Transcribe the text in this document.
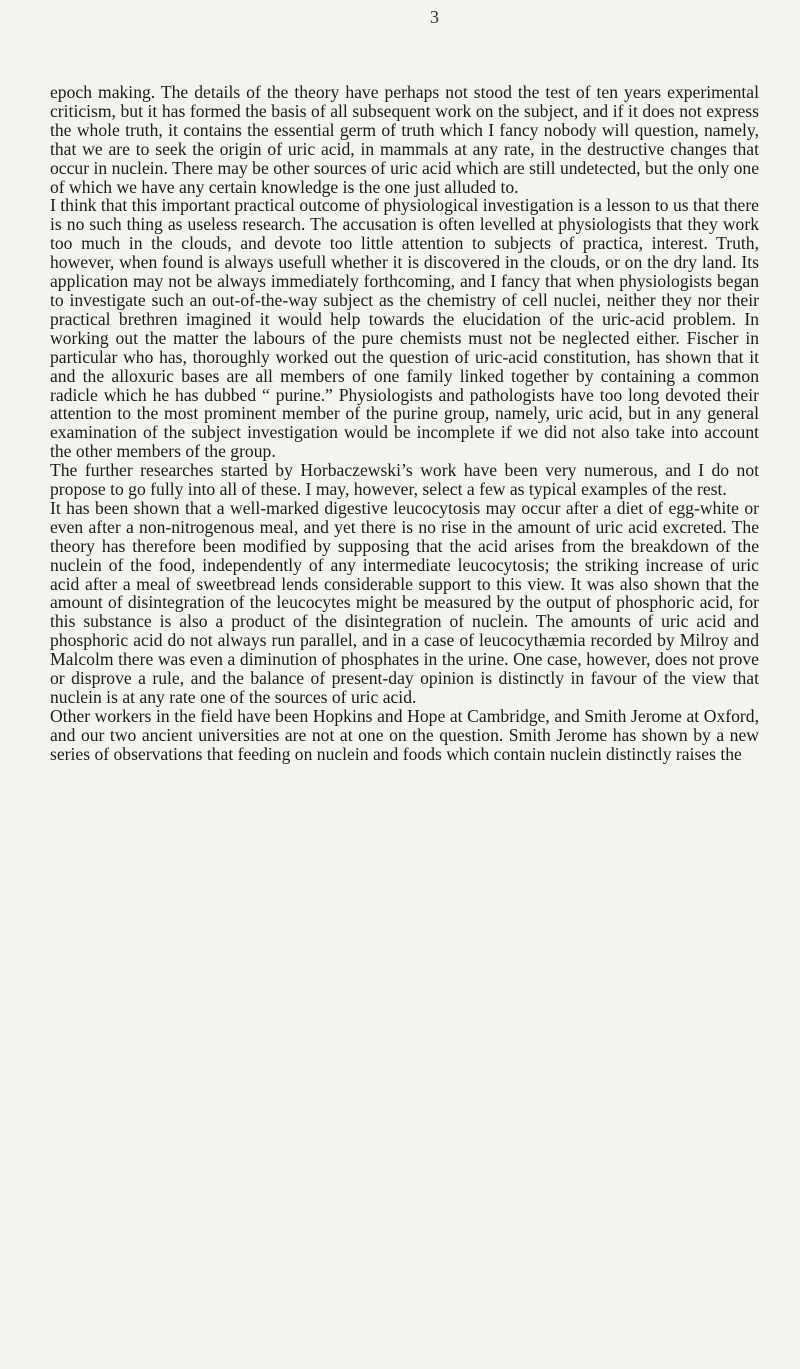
3

epoch making. The details of the theory have perhaps not stood the test of ten years experimental criticism, but it has formed the basis of all subsequent work on the subject, and if it does not express the whole truth, it contains the essential germ of truth which I fancy nobody will question, namely, that we are to seek the origin of uric acid, in mammals at any rate, in the destructive changes that occur in nuclein. There may be other sources of uric acid which are still undetected, but the only one of which we have any certain knowledge is the one just alluded to.

I think that this important practical outcome of physiological investigation is a lesson to us that there is no such thing as useless research. The accusation is often levelled at physiologists that they work too much in the clouds, and devote too little attention to subjects of practica, interest. Truth, however, when found is always usefull whether it is discovered in the clouds, or on the dry land. Its application may not be always immediately forthcoming, and I fancy that when physiologists began to investigate such an out-of-the-way subject as the chemistry of cell nuclei, neither they nor their practical brethren imagined it would help towards the elucidation of the uric-acid problem. In working out the matter the labours of the pure chemists must not be neglected either. Fischer in particular who has, thoroughly worked out the question of uric-acid constitution, has shown that it and the alloxuric bases are all members of one family linked together by containing a common radicle which he has dubbed “ purine.” Physiologists and pathologists have too long devoted their attention to the most prominent member of the purine group, namely, uric acid, but in any general examination of the subject investigation would be incomplete if we did not also take into account the other members of the group.

The further researches started by Horbaczewski’s work have been very numerous, and I do not propose to go fully into all of these. I may, however, select a few as typical examples of the rest.

It has been shown that a well-marked digestive leucocytosis may occur after a diet of egg-white or even after a non-nitrogenous meal, and yet there is no rise in the amount of uric acid excreted. The theory has therefore been modified by supposing that the acid arises from the breakdown of the nuclein of the food, independently of any intermediate leucocytosis; the striking increase of uric acid after a meal of sweetbread lends considerable support to this view. It was also shown that the amount of disintegration of the leucocytes might be measured by the output of phosphoric acid, for this substance is also a product of the disintegration of nuclein. The amounts of uric acid and phosphoric acid do not always run parallel, and in a case of leucocythæmia recorded by Milroy and Malcolm there was even a diminution of phosphates in the urine. One case, however, does not prove or disprove a rule, and the balance of present-day opinion is distinctly in favour of the view that nuclein is at any rate one of the sources of uric acid.

Other workers in the field have been Hopkins and Hope at Cambridge, and Smith Jerome at Oxford, and our two ancient universities are not at one on the question. Smith Jerome has shown by a new series of observations that feeding on nuclein and foods which contain nuclein distinctly raises the
